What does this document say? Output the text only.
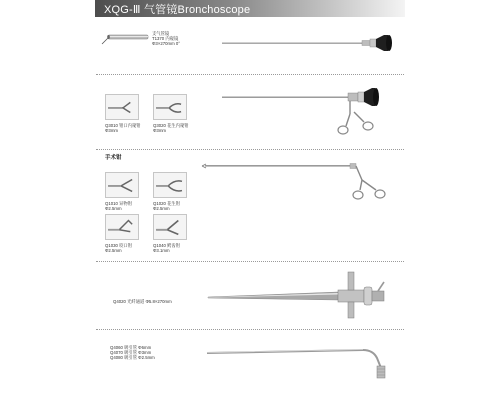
XQG-Ⅲ 气管镜Bronchoscope
支气管镜
T1370 内窥镜
Φ3×270mm 0°
Q3010 钳口内窥钳
Φ3mm
Q3020 花生内窥钳
Φ3mm
手术钳
Q1010 异物钳
Φ2.5mm
Q1020 花生钳
Φ2.5mm
Q1030 咬口钳
Φ2.5mm
Q1040 鳄齿钳
Φ3.1mm
Q4020 光纤通道 Φ5.8×270mm
Q4060 吸引管 Φ6mm
Q4070 吸引管 Φ3mm
Q4080 吸引管 Φ2.5mm
